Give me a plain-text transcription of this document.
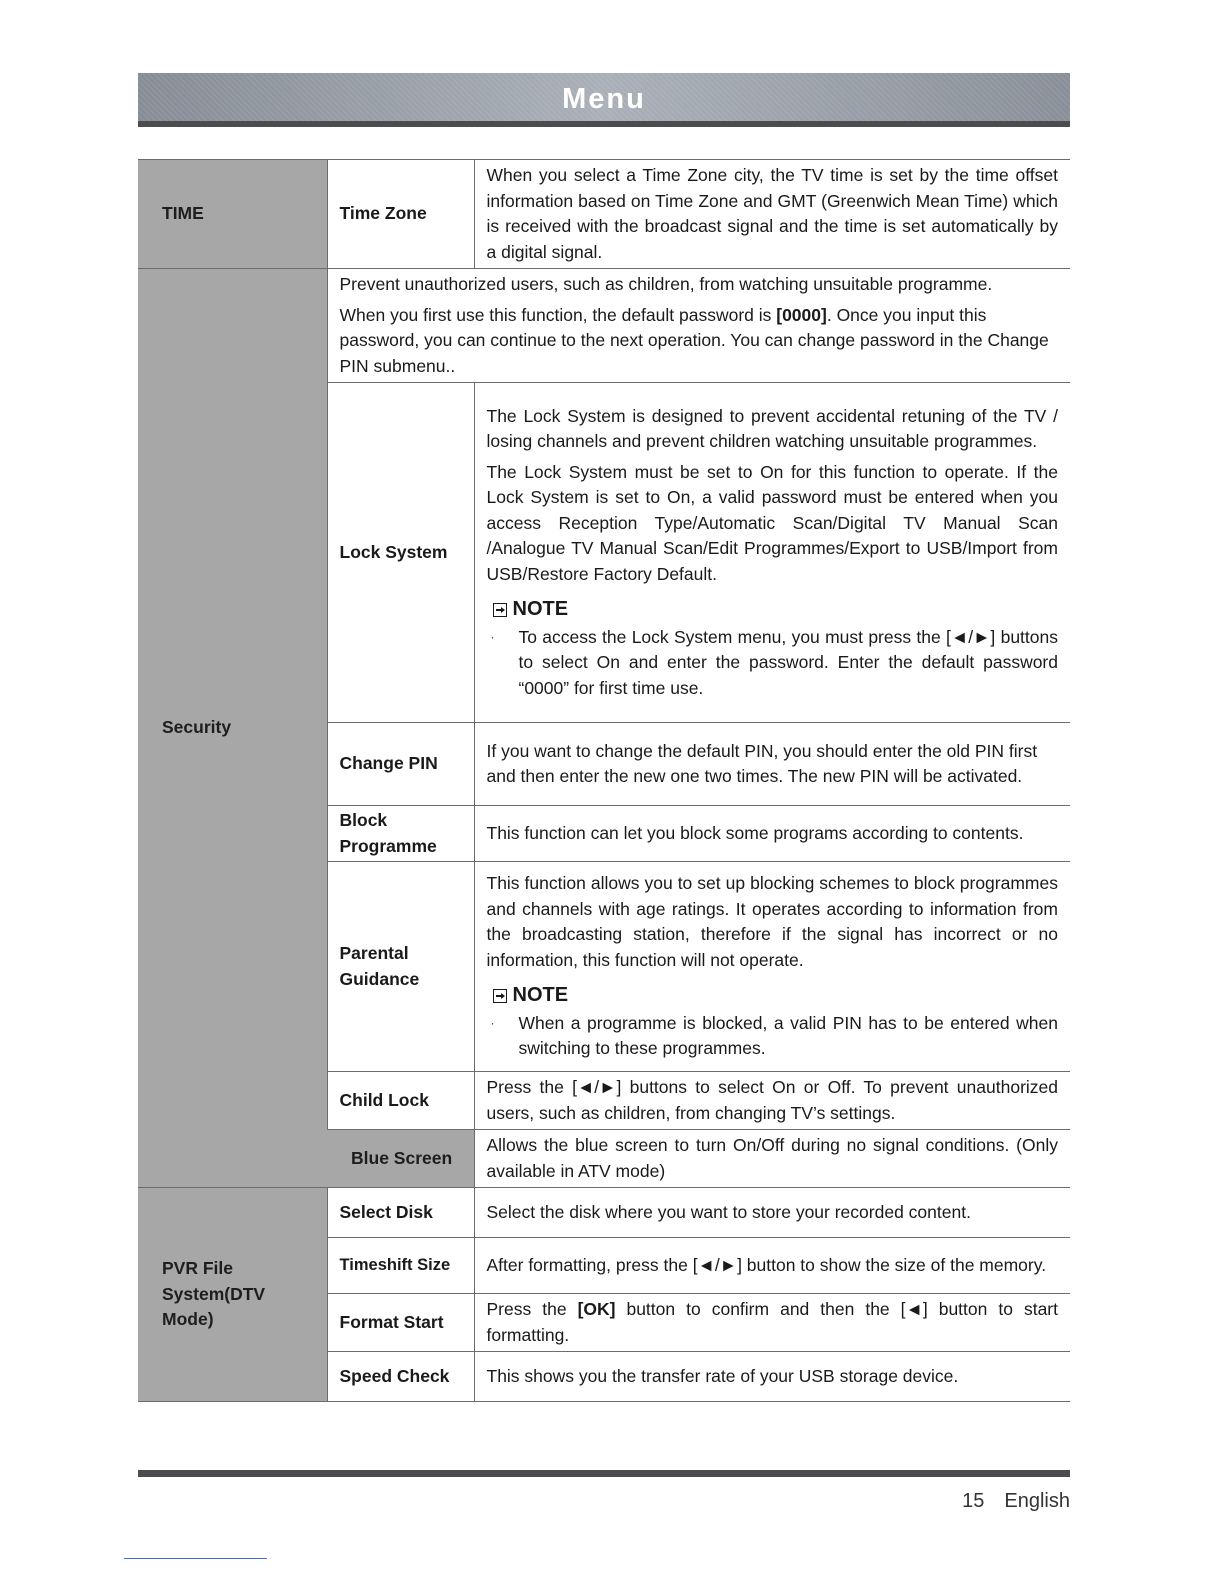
Menu
TIME	Time Zone	When you select a Time Zone city, the TV time is set by the time offset information based on Time Zone and GMT (Greenwich Mean Time) which is received with the broadcast signal and the time is set automatically by a digital signal.

Security	Prevent unauthorized users, such as children, from watching unsuitable programme.

When you first use this function, the default password is [0000]. Once you input this password, you can continue to the next operation. You can change password in the Change PIN submenu..	

	Lock System	The Lock System is designed to prevent accidental retuning of the TV / losing channels and prevent children watching unsuitable programmes.

The Lock System must be set to On for this function to operate. If the Lock System is set to On, a valid password must be entered when you access Reception Type/Automatic Scan/Digital TV Manual Scan /Analogue TV Manual Scan/Edit Programmes/Export to USB/Import from USB/Restore Factory Default.

NOTE
· To access the Lock System menu, you must press the [◄/►] buttons to select On and enter the password. Enter the default password “0000” for first time use.

	Change PIN	If you want to change the default PIN, you should enter the old PIN first and then enter the new one two times. The new PIN will be activated.

	Block Programme	This function can let you block some programs according to contents.

	Parental Guidance	This function allows you to set up blocking schemes to block programmes and channels with age ratings. It operates according to information from the broadcasting station, therefore if the signal has incorrect or no information, this function will not operate.

NOTE
· When a programme is blocked, a valid PIN has to be entered when switching to these programmes.

	Child Lock	Press the [◄/►] buttons to select On or Off. To prevent unauthorized users, such as children, from changing TV’s settings.

	Blue Screen	Allows the blue screen to turn On/Off during no signal conditions. (Only available in ATV mode)

PVR File System(DTV Mode)	Select Disk	Select the disk where you want to store your recorded content.

	Timeshift Size	After formatting, press the [◄/►] button to show the size of the memory.

	Format Start	Press the [OK] button to confirm and then the [◄] button to start formatting.

	Speed Check	This shows you the transfer rate of your USB storage device.

15 English
